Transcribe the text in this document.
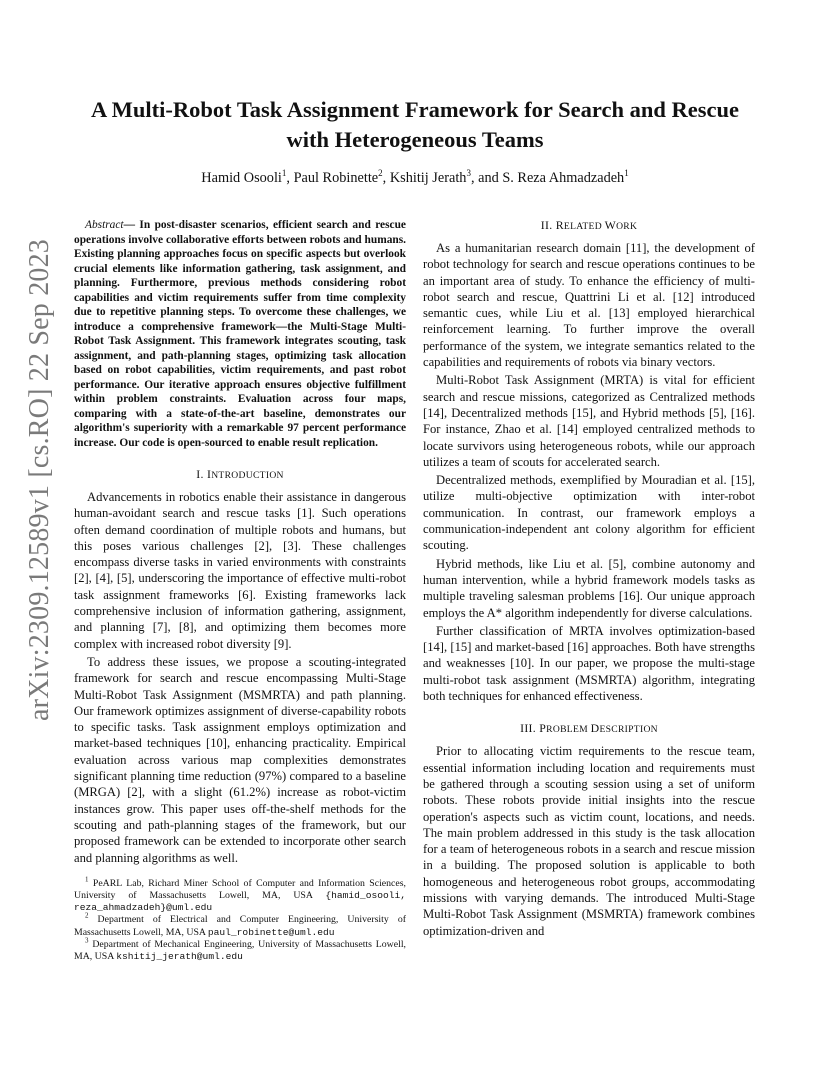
arXiv:2309.12589v1 [cs.RO] 22 Sep 2023
A Multi-Robot Task Assignment Framework for Search and Rescue
with Heterogeneous Teams
Hamid Osooli$^1$, Paul Robinette$^2$, Kshitij Jerath$^3$, and S. Reza Ahmadzadeh$^1$

Abstract— In post-disaster scenarios, efficient search and rescue operations involve collaborative efforts between robots and humans. Existing planning approaches focus on specific aspects but overlook crucial elements like information gathering, task assignment, and planning. Furthermore, previous methods considering robot capabilities and victim requirements suffer from time complexity due to repetitive planning steps. To overcome these challenges, we introduce a comprehensive framework—the Multi-Stage Multi-Robot Task Assignment. This framework integrates scouting, task assignment, and path-planning stages, optimizing task allocation based on robot capabilities, victim requirements, and past robot performance. Our iterative approach ensures objective fulfillment within problem constraints. Evaluation across four maps, comparing with a state-of-the-art baseline, demonstrates our algorithm's superiority with a remarkable 97 percent performance increase. Our code is open-sourced to enable result replication.

I. INTRODUCTION

Advancements in robotics enable their assistance in dangerous human-avoidant search and rescue tasks [1]. Such operations often demand coordination of multiple robots and humans, but this poses various challenges [2], [3]. These challenges encompass diverse tasks in varied environments with constraints [2], [4], [5], underscoring the importance of effective multi-robot task assignment frameworks [6]. Existing frameworks lack comprehensive inclusion of information gathering, assignment, and planning [7], [8], and optimizing them becomes more complex with increased robot diversity [9].

To address these issues, we propose a scouting-integrated framework for search and rescue encompassing Multi-Stage Multi-Robot Task Assignment (MSMRTA) and path planning. Our framework optimizes assignment of diverse-capability robots to specific tasks. Task assignment employs optimization and market-based techniques [10], enhancing practicality. Empirical evaluation across various map complexities demonstrates significant planning time reduction (97%) compared to a baseline (MRGA) [2], with a slight (61.2%) increase as robot-victim instances grow. This paper uses off-the-shelf methods for the scouting and path-planning stages of the framework, but our proposed framework can be extended to incorporate other search and planning algorithms as well.

$^1$ PeARL Lab, Richard Miner School of Computer and Information Sciences, University of Massachusetts Lowell, MA, USA {hamid_osooli, reza_ahmadzadeh}@uml.edu

$^2$ Department of Electrical and Computer Engineering, University of Massachusetts Lowell, MA, USA paul_robinette@uml.edu

$^3$ Department of Mechanical Engineering, University of Massachusetts Lowell, MA, USA kshitij_jerath@uml.edu

II. RELATED WORK

As a humanitarian research domain [11], the development of robot technology for search and rescue operations continues to be an important area of study. To enhance the efficiency of multi-robot search and rescue, Quattrini Li et al. [12] introduced semantic cues, while Liu et al. [13] employed hierarchical reinforcement learning. To further improve the overall performance of the system, we integrate semantics related to the capabilities and requirements of robots via binary vectors.

Multi-Robot Task Assignment (MRTA) is vital for efficient search and rescue missions, categorized as Centralized methods [14], Decentralized methods [15], and Hybrid methods [5], [16]. For instance, Zhao et al. [14] employed centralized methods to locate survivors using heterogeneous robots, while our approach utilizes a team of scouts for accelerated search.

Decentralized methods, exemplified by Mouradian et al. [15], utilize multi-objective optimization with inter-robot communication. In contrast, our framework employs a communication-independent ant colony algorithm for efficient scouting.

Hybrid methods, like Liu et al. [5], combine autonomy and human intervention, while a hybrid framework models tasks as multiple traveling salesman problems [16]. Our unique approach employs the A* algorithm independently for diverse calculations.

Further classification of MRTA involves optimization-based [14], [15] and market-based [16] approaches. Both have strengths and weaknesses [10]. In our paper, we propose the multi-stage multi-robot task assignment (MSMRTA) algorithm, integrating both techniques for enhanced effectiveness.

III. PROBLEM DESCRIPTION

Prior to allocating victim requirements to the rescue team, essential information including location and requirements must be gathered through a scouting session using a set of uniform robots. These robots provide initial insights into the rescue operation's aspects such as victim count, locations, and needs. The main problem addressed in this study is the task allocation for a team of heterogeneous robots in a search and rescue mission in a building. The proposed solution is applicable to both homogeneous and heterogeneous robot groups, accommodating missions with varying demands. The introduced Multi-Stage Multi-Robot Task Assignment (MSMRTA) framework combines optimization-driven and
